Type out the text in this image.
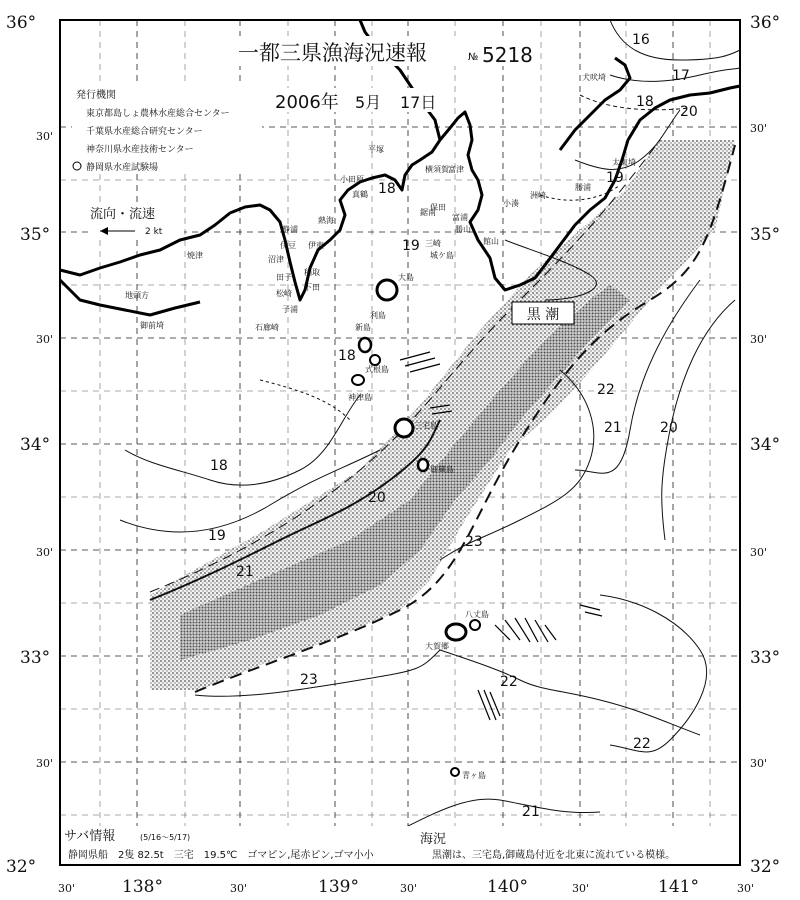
黒 潮
16
17
18
20
19
18
19
18
22
21	20
18
19
21
20
23
23	22
22
21
犬吠埼
太東埼
勝浦
小湊
洲崎
館山
富浦
保田
勝山
鋸南
富津
平塚
横須賀
三崎
城ケ島
小田原
真鶴
熱海
伊東
稲取
下田
石廊崎
焼津
御前埼
地頭方
新島
利島
式根島
神津島
三宅島
御蔵島
八丈島
大賀郷
青ヶ島
大島
伊豆
静浦
沼津
田子
松崎
子浦
一都三県漁海況速報	№ 5218
2006年 5月 17日
発行機関
東京都島しょ農林水産総合センター
千葉県水産総合研究センター
神奈川県水産技術センター
静岡県水産試験場
流向・流速
2 kt
36°
30'
35°
30'
34°
30'
33°
30'
32°
36°
30'
35°
30'
34°
30'
33°
30'
32°
30'	138°	30'	139°	30'	140°	30'	141°	30'
サバ情報	(5/16〜5/17)
静岡県船　2隻 82.5t　三宅　19.5℃　ゴマピン,尾赤ピン,ゴマ小小
海況
黒潮は、三宅島,御蔵島付近を北東に流れている模様。
